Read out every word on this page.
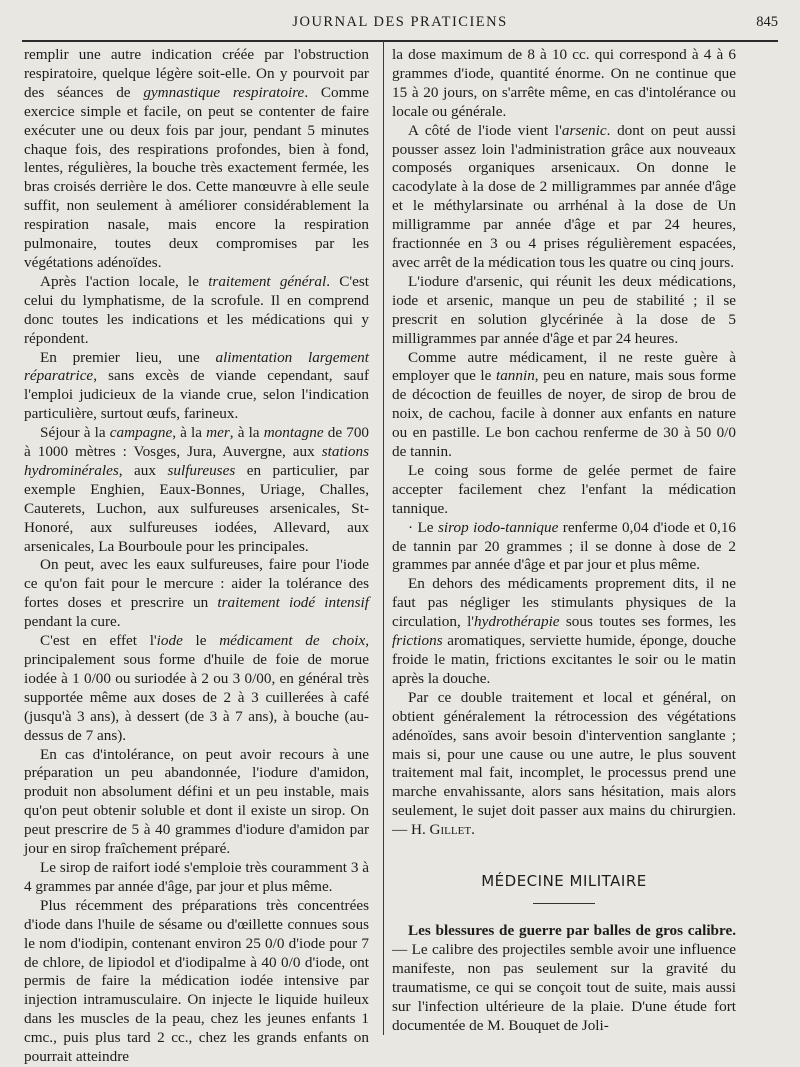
JOURNAL DES PRATICIENS	845

remplir une autre indication créée par l'obstruction respiratoire, quelque légère soit-elle. On y pourvoit par des séances de gymnastique respiratoire. Comme exercice simple et facile, on peut se contenter de faire exécuter une ou deux fois par jour, pendant 5 minutes chaque fois, des respirations profondes, bien à fond, lentes, régulières, la bouche très exactement fermée, les bras croisés derrière le dos. Cette manœuvre à elle seule suffit, non seulement à améliorer considérablement la respiration nasale, mais encore la respiration pulmonaire, toutes deux compromises par les végétations adénoïdes.

Après l'action locale, le traitement général. C'est celui du lymphatisme, de la scrofule. Il en comprend donc toutes les indications et les médications qui y répondent.

En premier lieu, une alimentation largement réparatrice, sans excès de viande cependant, sauf l'emploi judicieux de la viande crue, selon l'indication particulière, surtout œufs, farineux.

Séjour à la campagne, à la mer, à la montagne de 700 à 1000 mètres : Vosges, Jura, Auvergne, aux stations hydrominérales, aux sulfureuses en particulier, par exemple Enghien, Eaux-Bonnes, Uriage, Challes, Cauterets, Luchon, aux sulfureuses arsenicales, St-Honoré, aux sulfureuses iodées, Allevard, aux arsenicales, La Bourboule pour les principales.

On peut, avec les eaux sulfureuses, faire pour l'iode ce qu'on fait pour le mercure : aider la tolérance des fortes doses et prescrire un traitement iodé intensif pendant la cure.

C'est en effet l'iode le médicament de choix, principalement sous forme d'huile de foie de morue iodée à 1 0/00 ou suriodée à 2 ou 3 0/00, en général très supportée même aux doses de 2 à 3 cuillerées à café (jusqu'à 3 ans), à dessert (de 3 à 7 ans), à bouche (au-dessus de 7 ans).

En cas d'intolérance, on peut avoir recours à une préparation un peu abandonnée, l'iodure d'amidon, produit non absolument défini et un peu instable, mais qu'on peut obtenir soluble et dont il existe un sirop. On peut prescrire de 5 à 40 grammes d'iodure d'amidon par jour en sirop fraîchement préparé.

Le sirop de raifort iodé s'emploie très couramment 3 à 4 grammes par année d'âge, par jour et plus même.

Plus récemment des préparations très concentrées d'iode dans l'huile de sésame ou d'œillette connues sous le nom d'iodipin, contenant environ 25 0/0 d'iode pour 7 de chlore, de lipiodol et d'iodipalme à 40 0/0 d'iode, ont permis de faire la médication iodée intensive par injection intramusculaire. On injecte le liquide huileux dans les muscles de la peau, chez les jeunes enfants 1 cmc., puis plus tard 2 cc., chez les grands enfants on pourrait atteindre

la dose maximum de 8 à 10 cc. qui correspond à 4 à 6 grammes d'iode, quantité énorme. On ne continue que 15 à 20 jours, on s'arrête même, en cas d'intolérance ou locale ou générale.

A côté de l'iode vient l'arsenic. dont on peut aussi pousser assez loin l'administration grâce aux nouveaux composés organiques arsenicaux. On donne le cacodylate à la dose de 2 milligrammes par année d'âge et le méthylarsinate ou arrhénal à la dose de Un milligramme par année d'âge et par 24 heures, fractionnée en 3 ou 4 prises régulièrement espacées, avec arrêt de la médication tous les quatre ou cinq jours.

L'iodure d'arsenic, qui réunit les deux médications, iode et arsenic, manque un peu de stabilité ; il se prescrit en solution glycérinée à la dose de 5 milligrammes par année d'âge et par 24 heures.

Comme autre médicament, il ne reste guère à employer que le tannin, peu en nature, mais sous forme de décoction de feuilles de noyer, de sirop de brou de noix, de cachou, facile à donner aux enfants en nature ou en pastille. Le bon cachou renferme de 30 à 50 0/0 de tannin.

Le coing sous forme de gelée permet de faire accepter facilement chez l'enfant la médication tannique.

· Le sirop iodo-tannique renferme 0,04 d'iode et 0,16 de tannin par 20 grammes ; il se donne à dose de 2 grammes par année d'âge et par jour et plus même.

En dehors des médicaments proprement dits, il ne faut pas négliger les stimulants physiques de la circulation, l'hydrothérapie sous toutes ses formes, les frictions aromatiques, serviette humide, éponge, douche froide le matin, frictions excitantes le soir ou le matin après la douche.

Par ce double traitement et local et général, on obtient généralement la rétrocession des végétations adénoïdes, sans avoir besoin d'intervention sanglante ; mais si, pour une cause ou une autre, le plus souvent traitement mal fait, incomplet, le processus prend une marche envahissante, alors sans hésitation, mais alors seulement, le sujet doit passer aux mains du chirurgien. — H. Gillet.

MÉDECINE MILITAIRE

Les blessures de guerre par balles de gros calibre. — Le calibre des projectiles semble avoir une influence manifeste, non pas seulement sur la gravité du traumatisme, ce qui se conçoit tout de suite, mais aussi sur l'infection ultérieure de la plaie. D'une étude fort documentée de M. Bouquet de Joli-
